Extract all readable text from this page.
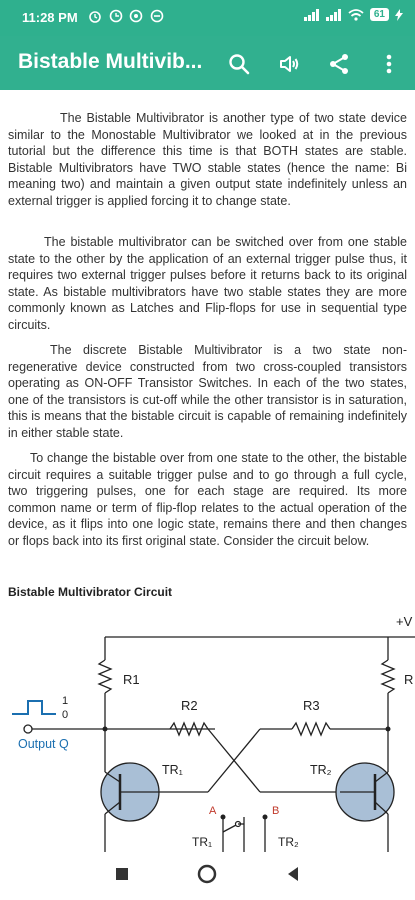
11:28 PM
	61
Bistable Multivib...

The Bistable Multivibrator is another type of two state device similar to the Monostable Multivibrator we looked at in the previous tutorial but the difference this time is that BOTH states are stable. Bistable Multivibrators have TWO stable states (hence the name: Bi meaning two) and maintain a given output state indefinitely unless an external trigger is applied forcing it to change state.

The bistable multivibrator can be switched over from one stable state to the other by the application of an external trigger pulse thus, it requires two external trigger pulses before it returns back to its original state. As bistable multivibrators have two stable states they are more commonly known as Latches and Flip-flops for use in sequential type circuits.

The discrete Bistable Multivibrator is a two state non-regenerative device constructed from two cross-coupled transistors operating as ON-OFF Transistor Switches. In each of the two states, one of the transistors is cut-off while the other transistor is in saturation, this is means that the bistable circuit is capable of remaining indefinitely in either stable state.

To change the bistable over from one state to the other, the bistable circuit requires a suitable trigger pulse and to go through a full cycle, two triggering pulses, one for each stage are required. Its more common name or term of flip-flop relates to the actual operation of the device, as it flips into one logic state, remains there and then changes or flops back into its first original state. Consider the circuit below.

Bistable Multivibrator Circuit
+V
R1	R
1
0
Output Q
R2	R3
TR₁	TR₂
A	B
TR₁	TR₂
